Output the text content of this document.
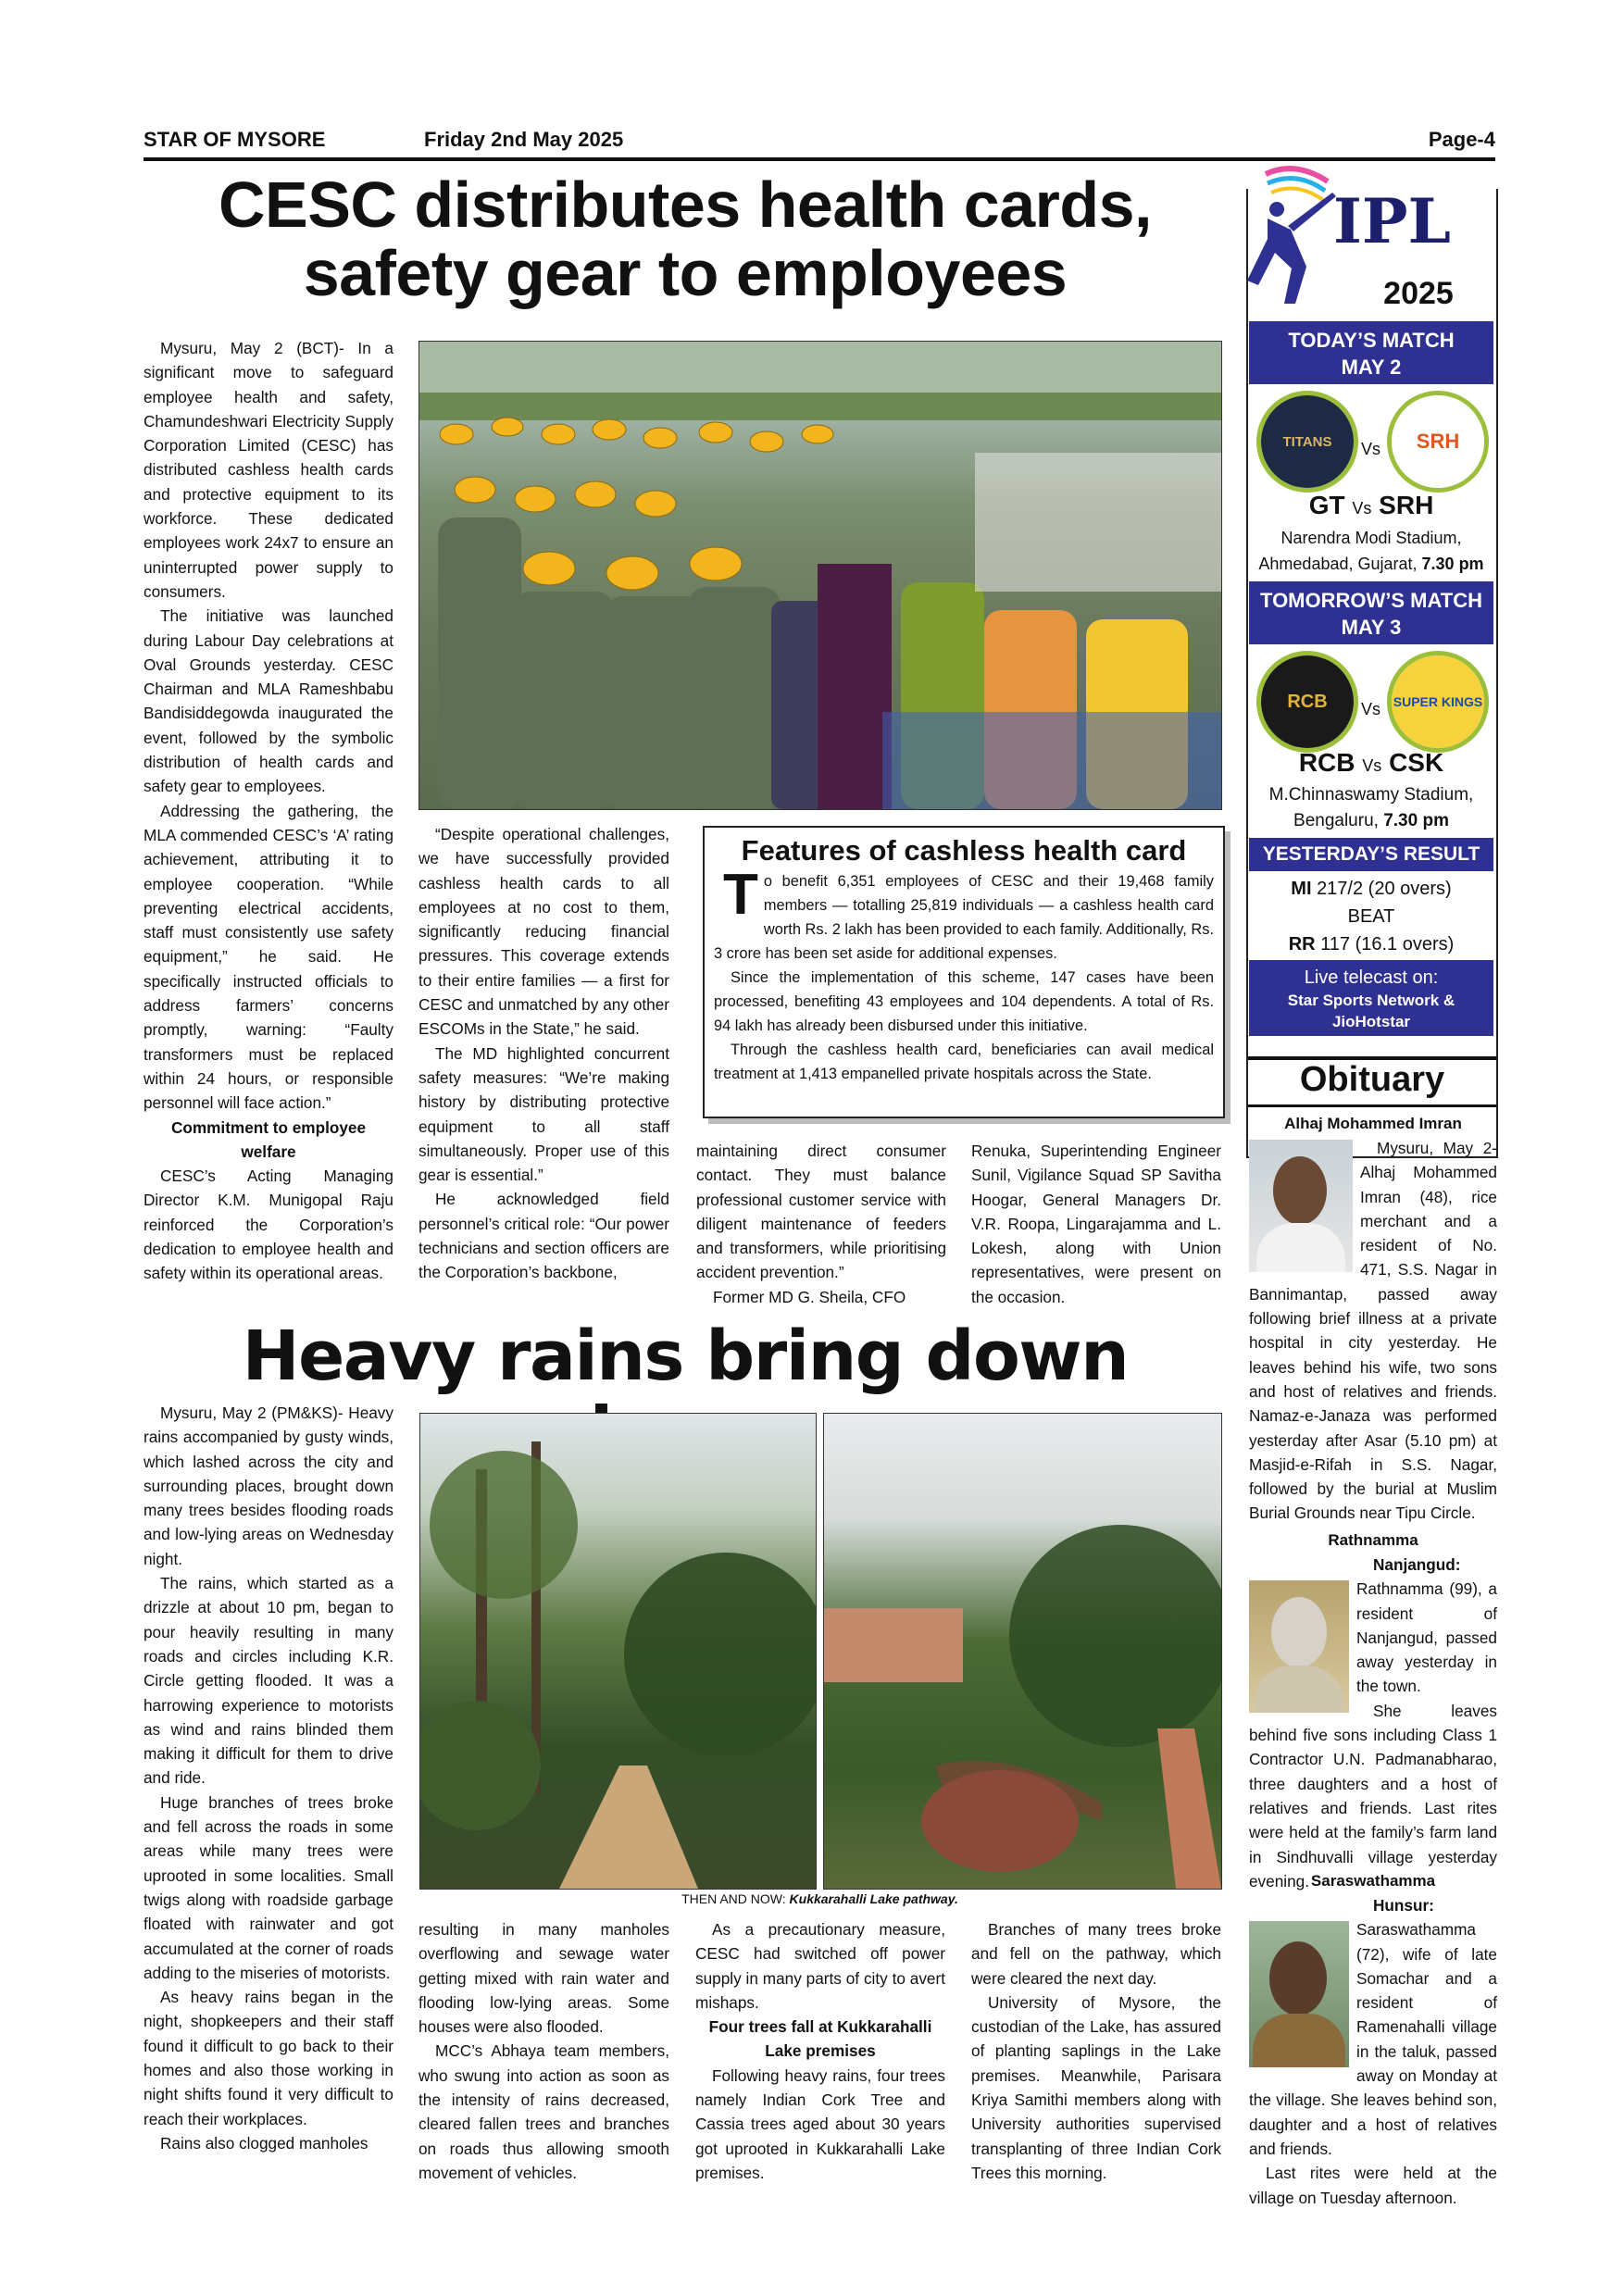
STAR OF MYSORE	Friday 2nd May 2025	Page-4
CESC distributes health cards,
safety gear to employees

Mysuru, May 2 (BCT)- In a significant move to safeguard employee health and safety, Chamundeshwari Electricity Supply Corporation Limited (CESC) has distributed cashless health cards and protective equipment to its workforce. These dedicated employees work 24x7 to ensure an uninterrupted power supply to consumers.

The initiative was launched during Labour Day celebrations at Oval Grounds yesterday. CESC Chairman and MLA Rameshbabu Bandisiddegowda inaugurated the event, followed by the symbolic distribution of health cards and safety gear to employees.

Addressing the gathering, the MLA commended CESC’s ‘A’ rating achievement, attributing it to employee cooperation. “While preventing electrical accidents, staff must consistently use safety equipment,” he said. He specifically instructed officials to address farmers’ concerns promptly, warning: “Faulty transformers must be replaced within 24 hours, or responsible personnel will face action.”

Commitment to employee welfare

CESC’s Acting Managing Director K.M. Munigopal Raju reinforced the Corporation’s dedication to employee health and safety within its operational areas.

“Despite operational challenges, we have successfully provided cashless health cards to all employees at no cost to them, significantly reducing financial pressures. This coverage extends to their entire families — a first for CESC and unmatched by any other ESCOMs in the State,” he said.

The MD highlighted concurrent safety measures: “We’re making history by distributing protective equipment to all staff simultaneously. Proper use of this gear is essential.”

He acknowledged field personnel’s critical role: “Our power technicians and section officers are the Corporation’s backbone,

Features of cashless health card

To benefit 6,351 employees of CESC and their 19,468 family members — totalling 25,819 individuals — a cashless health card worth Rs. 2 lakh has been provided to each family. Additionally, Rs. 3 crore has been set aside for additional expenses.

Since the implementation of this scheme, 147 cases have been processed, benefiting 43 employees and 104 dependents. A total of Rs. 94 lakh has already been disbursed under this initiative.

Through the cashless health card, beneficiaries can avail medical treatment at 1,413 empanelled private hospitals across the State.

maintaining direct consumer contact. They must balance professional customer service with diligent maintenance of feeders and transformers, while prioritising accident prevention.”

Former MD G. Sheila, CFO

Renuka, Superintending Engineer Sunil, Vigilance Squad SP Savitha Hoogar, General Managers Dr. V.R. Roopa, Lingarajamma and L. Lokesh, along with Union representatives, were present on the occasion.

IPL
2025
TODAY’S MATCH
MAY 2
TITANS	Vs	SRH
GT Vs SRH
Narendra Modi Stadium,
Ahmedabad, Gujarat, 7.30 pm
TOMORROW’S MATCH
MAY 3
RCB	Vs SUPER KINGS
RCB Vs CSK
M.Chinnaswamy Stadium,
Bengaluru, 7.30 pm
YESTERDAY’S RESULT
MI 217/2 (20 overs)
BEAT
RR 117 (16.1 overs)
Live telecast on:
Star Sports Network & JioHotstar
Obituary
Alhaj Mohammed Imran

Mysuru, May 2- Alhaj Mohammed Imran (48), rice merchant and a resident of No. 471, S.S. Nagar in Bannimantap, passed away following brief illness at a private hospital in city yesterday. He leaves behind his wife, two sons and host of relatives and friends. Namaz-e-Janaza was performed yesterday after Asar (5.10 pm) at Masjid-e-Rifah in S.S. Nagar, followed by the burial at Muslim Burial Grounds near Tipu Circle.

Rathnamma

Nanjangud: Rathnamma (99), a resident of Nanjangud, passed away yesterday in the town.

She leaves behind five sons including Class 1 Contractor U.N. Padmanabharao, three daughters and a host of relatives and friends. Last rites were held at the family’s farm land in Sindhuvalli village yesterday evening. Saraswathamma

Hunsur: Saraswathamma (72), wife of late Somachar and a resident of Ramenahalli village in the taluk, passed away on Monday at the village. She leaves behind son, daughter and a host of relatives and friends.

Last rites were held at the village on Tuesday afternoon.

Heavy rains bring down

Mysuru, May 2 (PM&KS)- Heavy rains accompanied by gusty winds, which lashed across the city and surrounding places, brought down many trees besides flooding roads and low-lying areas on Wednesday night.

The rains, which started as a drizzle at about 10 pm, began to pour heavily resulting in many roads and circles including K.R. Circle getting flooded. It was a harrowing experience to motorists as wind and rains blinded them making it difficult for them to drive and ride.

Huge branches of trees broke and fell across the roads in some areas while many trees were uprooted in some localities. Small twigs along with roadside garbage floated with rainwater and got accumulated at the corner of roads adding to the miseries of motorists.

As heavy rains began in the night, shopkeepers and their staff found it difficult to go back to their homes and also those working in night shifts found it very difficult to reach their workplaces.

Rains also clogged manholes

THEN AND NOW: Kukkarahalli Lake pathway.

resulting in many manholes overflowing and sewage water getting mixed with rain water and flooding low-lying areas. Some houses were also flooded.

MCC’s Abhaya team members, who swung into action as soon as the intensity of rains decreased, cleared fallen trees and branches on roads thus allowing smooth movement of vehicles.

As a precautionary measure, CESC had switched off power supply in many parts of city to avert mishaps.

Four trees fall at Kukkarahalli Lake premises

Following heavy rains, four trees namely Indian Cork Tree and Cassia trees aged about 30 years got uprooted in Kukkarahalli Lake premises.

Branches of many trees broke and fell on the pathway, which were cleared the next day.

University of Mysore, the custodian of the Lake, has assured of planting saplings in the Lake premises. Meanwhile, Parisara Kriya Samithi members along with University authorities supervised transplanting of three Indian Cork Trees this morning.
